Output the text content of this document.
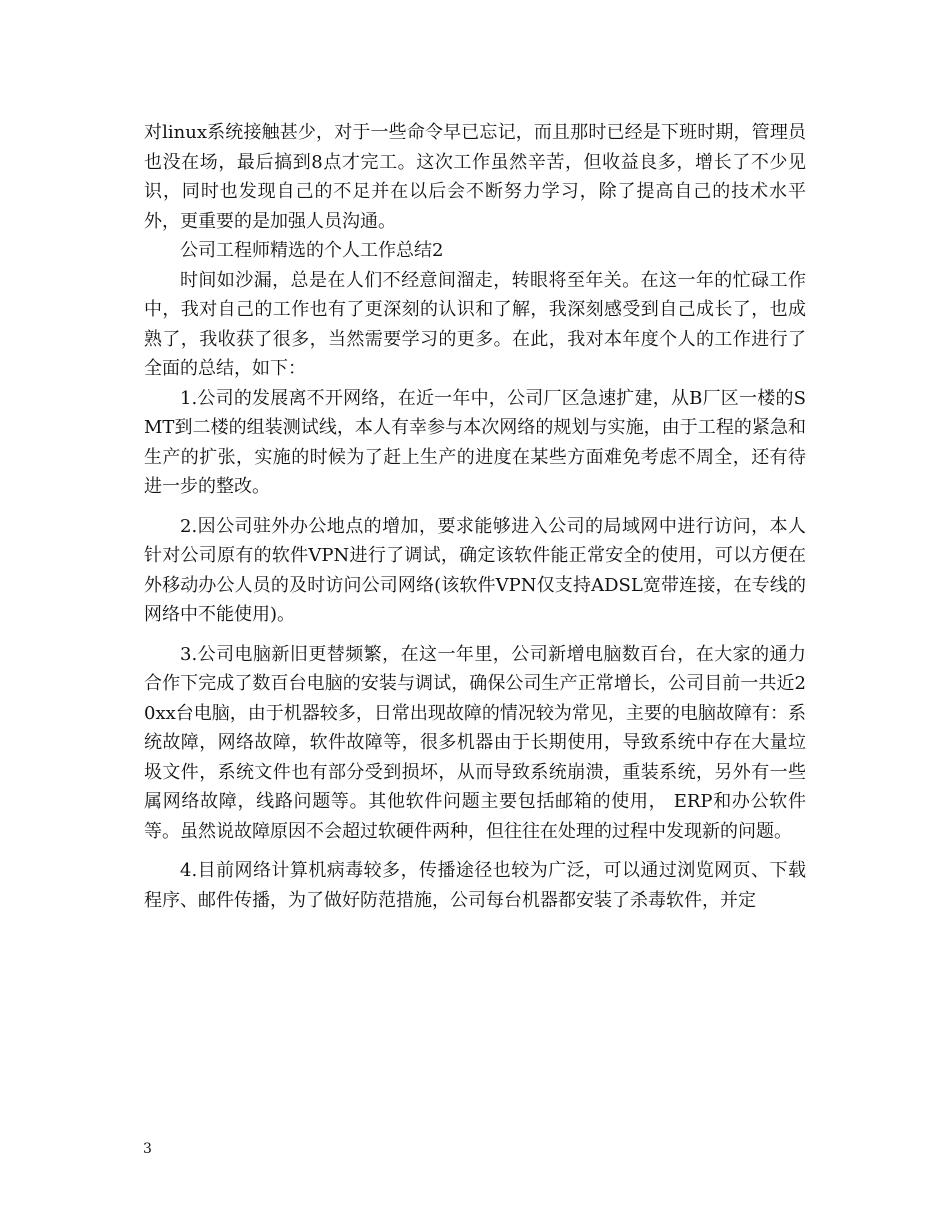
对linux系统接触甚少，对于一些命令早已忘记，而且那时已经是下班时期，管理员也没在场，最后搞到8点才完工。这次工作虽然辛苦，但收益良多，增长了不少见识，同时也发现自己的不足并在以后会不断努力学习，除了提高自己的技术水平外，更重要的是加强人员沟通。

公司工程师精选的个人工作总结2

时间如沙漏，总是在人们不经意间溜走，转眼将至年关。在这一年的忙碌工作中，我对自己的工作也有了更深刻的认识和了解，我深刻感受到自己成长了，也成熟了，我收获了很多，当然需要学习的更多。在此，我对本年度个人的工作进行了全面的总结，如下：

1.公司的发展离不开网络，在近一年中，公司厂区急速扩建，从B厂区一楼的SMT到二楼的组装测试线，本人有幸参与本次网络的规划与实施，由于工程的紧急和生产的扩张，实施的时候为了赶上生产的进度在某些方面难免考虑不周全，还有待进一步的整改。

2.因公司驻外办公地点的增加，要求能够进入公司的局域网中进行访问，本人针对公司原有的软件VPN进行了调试，确定该软件能正常安全的使用，可以方便在外移动办公人员的及时访问公司网络(该软件VPN仅支持ADSL宽带连接，在专线的网络中不能使用)。

3.公司电脑新旧更替频繁，在这一年里，公司新增电脑数百台，在大家的通力合作下完成了数百台电脑的安装与调试，确保公司生产正常增长，公司目前一共近20xx台电脑，由于机器较多，日常出现故障的情况较为常见，主要的电脑故障有：系统故障，网络故障，软件故障等，很多机器由于长期使用，导致系统中存在大量垃圾文件，系统文件也有部分受到损坏，从而导致系统崩溃，重装系统，另外有一些属网络故障，线路问题等。其他软件问题主要包括邮箱的使用， ERP和办公软件等。虽然说故障原因不会超过软硬件两种，但往往在处理的过程中发现新的问题。

4.目前网络计算机病毒较多，传播途径也较为广泛，可以通过浏览网页、下载程序、邮件传播，为了做好防范措施，公司每台机器都安装了杀毒软件，并定

3
